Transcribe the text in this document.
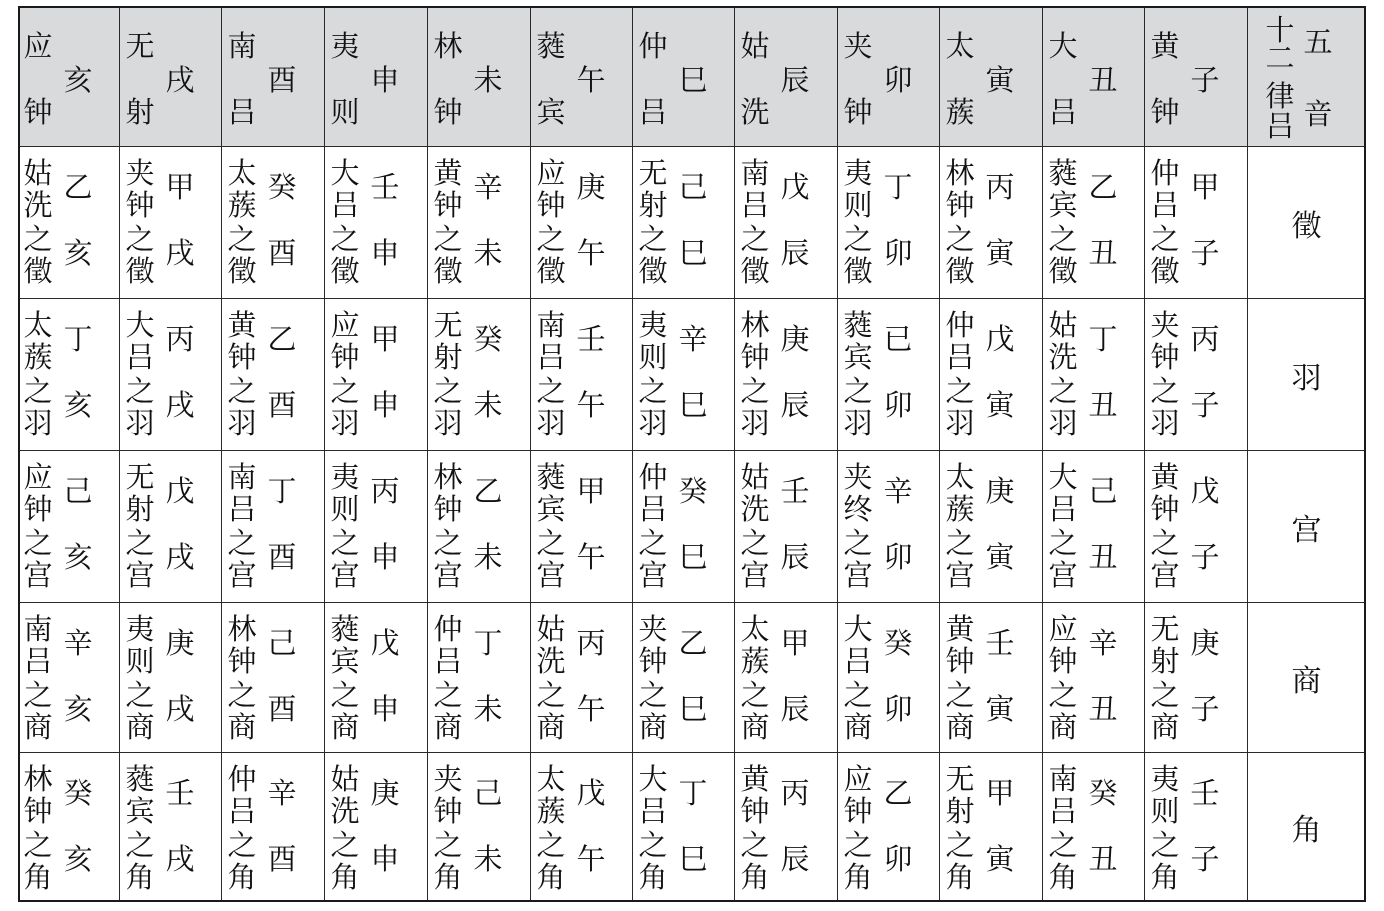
应
钟
亥
无
射
戌
南
吕
酉
夷
则
申
林
钟
未
蕤
宾
午
仲
吕
巳
姑
洗
辰
夹
钟
卯
太
蔟
寅
大
吕
丑
黄
钟
子
十
二 五
律
吕 音
姑
洗
之
徵
乙
亥
夹
钟
之
徵
甲
戌
太
蔟
之
徵
癸
酉
大
吕
之
徵
壬
申
黄
钟
之
徵
辛
未
应
钟
之
徵
庚
午
无
射
之
徵
己
巳
南
吕
之
徵
戊
辰
夷
则
之
徵
丁
卯
林
钟
之
徵
丙
寅
蕤
宾
之
徵
乙
丑
仲
吕
之
徵
甲
子
徵
太
蔟
之
羽
丁
亥
大
吕
之
羽
丙
戌
黄
钟
之
羽
乙
酉
应
钟
之
羽
甲
申
无
射
之
羽
癸
未
南
吕
之
羽
壬
午
夷
则
之
羽
辛
巳
林
钟
之
羽
庚
辰
蕤
宾
之
羽
已
卯
仲
吕
之
羽
戊
寅
姑
洗
之
羽
丁
丑
夹
钟
之
羽
丙
子
羽
应
钟
之
宫
己
亥
无
射
之
宫
戊
戌
南
吕
之
宫
丁
酉
夷
则
之
宫
丙
申
林
钟
之
宫
乙
未
蕤
宾
之
宫
甲
午
仲
吕
之
宫
癸
巳
姑
洗
之
宫
壬
辰
夹
终
之
宫
辛
卯
太
蔟
之
宫
庚
寅
大
吕
之
宫
己
丑
黄
钟
之
宫
戊
子
宫
南
吕
之
商
辛
亥
夷
则
之
商
庚
戌
林
钟
之
商
己
酉
蕤
宾
之
商
戊
申
仲
吕
之
商
丁
未
姑
洗
之
商
丙
午
夹
钟
之
商
乙
巳
太
蔟
之
商
甲
辰
大
吕
之
商
癸
卯
黄
钟
之
商
壬
寅
应
钟
之
商
辛
丑
无
射
之
商
庚
子
商
林
钟
之
角
癸
亥
蕤
宾
之
角
壬
戌
仲
吕
之
角
辛
酉
姑
洗
之
角
庚
申
夹
钟
之
角
己
未
太
蔟
之
角
戊
午
大
吕
之
角
丁
巳
黄
钟
之
角
丙
辰
应
钟
之
角
乙
卯
无
射
之
角
甲
寅
南
吕
之
角
癸
丑
夷
则
之
角
壬
子
角
